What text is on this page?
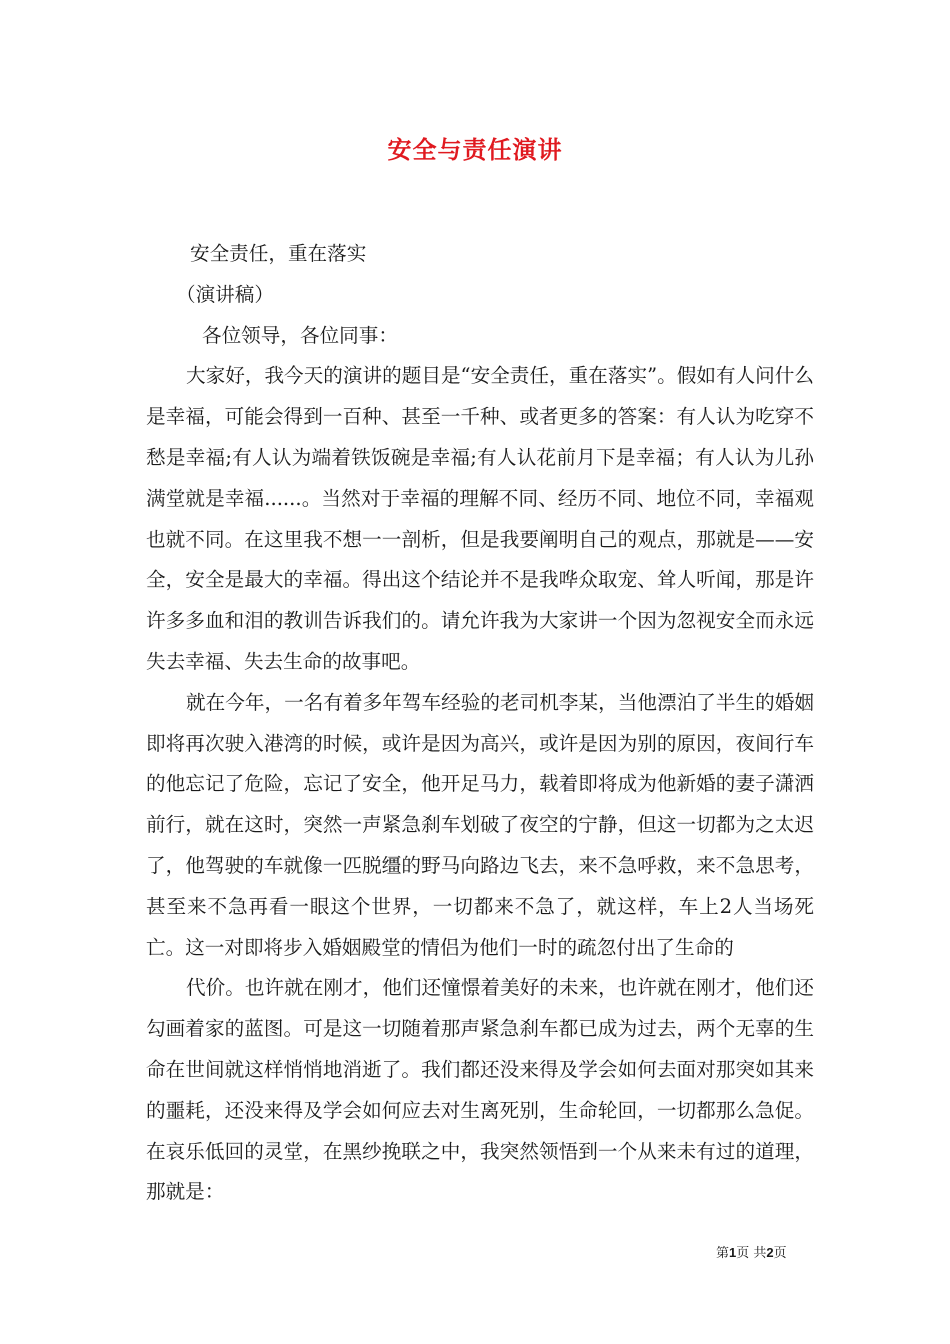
安全与责任演讲

安全责任，重在落实

（演讲稿）

各位领导，各位同事：

大家好，我今天的演讲的题目是“安全责任，重在落实”。假如有人问什么是幸福，可能会得到一百种、甚至一千种、或者更多的答案：有人认为吃穿不愁是幸福;有人认为端着铁饭碗是幸福;有人认花前月下是幸福；有人认为儿孙满堂就是幸福......。当然对于幸福的理解不同、经历不同、地位不同，幸福观也就不同。在这里我不想一一剖析，但是我要阐明自己的观点，那就是——安全，安全是最大的幸福。得出这个结论并不是我哗众取宠、耸人听闻，那是许许多多血和泪的教训告诉我们的。请允许我为大家讲一个因为忽视安全而永远失去幸福、失去生命的故事吧。

就在今年，一名有着多年驾车经验的老司机李某，当他漂泊了半生的婚姻即将再次驶入港湾的时候，或许是因为高兴，或许是因为别的原因，夜间行车的他忘记了危险，忘记了安全，他开足马力，载着即将成为他新婚的妻子潇洒前行，就在这时，突然一声紧急刹车划破了夜空的宁静，但这一切都为之太迟了，他驾驶的车就像一匹脱缰的野马向路边飞去，来不急呼救，来不急思考，甚至来不急再看一眼这个世界，一切都来不急了，就这样，车上2人当场死亡。这一对即将步入婚姻殿堂的情侣为他们一时的疏忽付出了生命的

代价。也许就在刚才，他们还憧憬着美好的未来，也许就在刚才，他们还勾画着家的蓝图。可是这一切随着那声紧急刹车都已成为过去，两个无辜的生命在世间就这样悄悄地消逝了。我们都还没来得及学会如何去面对那突如其来的噩耗，还没来得及学会如何应去对生离死别，生命轮回，一切都那么急促。在哀乐低回的灵堂，在黑纱挽联之中，我突然领悟到一个从来未有过的道理，那就是：

第1页 共2页
